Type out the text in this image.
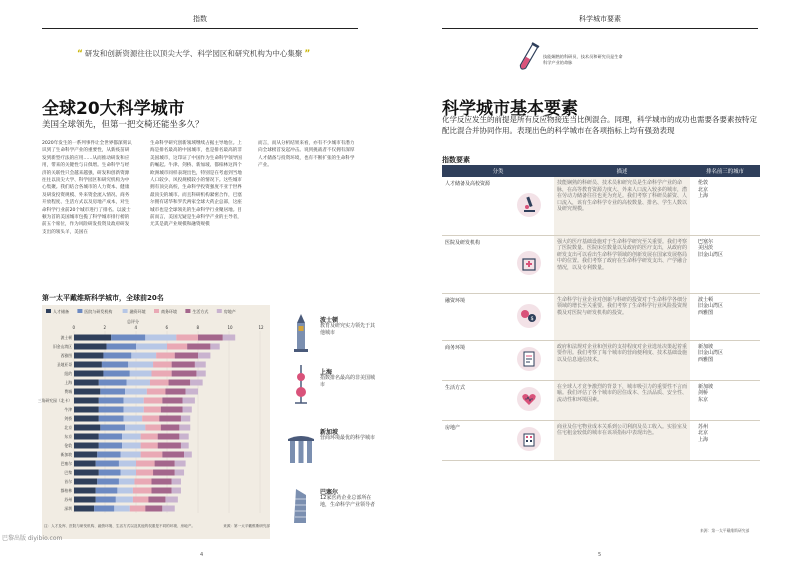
指数
“ 研发和创新资源往往以顶尖大学、科学园区和研究机构为中心集聚 ”
全球20大科学城市
美国全球领先，但第一把交椅还能坐多久？
2020年发生的一系列事件让全世界都深刻认识到了生命科学产业的重要性，从新疫苗研发到新型疗法的应用……从而推动研发和应用，带来的关键性与日俱增。生命科学与经济的关联性只会越来越强，研发和创新资源往往以顶尖大学、科学园区和研究机构为中心集聚。我们结合各城市的人力资本、健康及研发投资规模、外来资金流入情况、商务开放程度、生活方式以及房地产成本，对生命科学行业前20个城市进行了排名。以波士顿为首的美国城市包揽了科学城市排行榜的前五个席位，作为风险研发投资及政府研发支出的领头羊，美国在
生命科学研究创新领域继续占据主导地位。上海是排名最高的中国城市，也是排名最高的非美国城市，这印证了中国作为生命科学领导国的崛起。牛津、剑桥、新加坡、都柏林这四个欧洲城市同样表现出色，特别是在考虑到当地人口较少、风投规模较小的情况下。这些城市拥有顶尖高校，生命科学投资强度不亚于世界最顶尖的城市。而且科研机构紧密合作，巴塞尔拥有诺华和罗氏两家全球大药企总部，这座城市也是全球领先的生命科学行业聚居地。目前而言，美国无疑是生命科学产业的主导者，尤其是就产业规模和融资规模
而言，而从分析结果来看，亦有不少城市有潜力向全球榜首发起冲击。说到挑战者不仅拥有深厚人才储备与投资环境，也有不断扩张的生命科学产业。
第一太平戴维斯科学城市，全球前20名
人才储备	医院与研发机构	融资环境	商务环境	生活方式	房地产
总评分
0	2	4	6	8	10	12
波士顿
旧金山湾区
西雅图
圣地亚哥
纽约
上海
费城
三角研究园（北卡）
牛津
剑桥
北京
东京
伦敦
新加坡
巴塞尔
巴黎
首尔
都柏林
苏州
深圳
注：人才及库、医院与研发机构、融资环境、生活方式以及其他的权重是不同的环境、房地产。	来源：第一太平戴维斯研究部
波士顿
教育及研究实力领先于其他城市
上海
指数排名最高的非美国城市
新加坡
营商环境最优的科学城市
巴塞尔
12家医药企业总部所在地，生命科学产业领导者
巴黎出版 diyibio.com
4
科学城市要素
技能娴熟的科研员、技术员和研究员是生命科学产业的命脉
科学城市基本要素
化学反应发生的前提是所有反应物接连当比例混合。同理，科学城市的成功也需要各要素按特定配比混合并协同作用。表现出色的科学城市在各项指标上均有强劲表现
指数要素
分类		描述	排名前三的城市
人才储备及高校资源		技能娴熟的科研员、技术员和研究员是生命科学产业的命脉，在高等教育资源力度大、外来人口流入较多的城市，潜在劳动力储备往往也更为充足。我们考察了科研员薪资、人口流入，该有生命科学专业的高校数量、排名、学生人数以及研究规模。	伦敦
北京
上海
医院及研发机构		强大的医疗基础设施对于生命科学研究至关重要。我们考察了医院数量、医院床位数量以及政府的医疗支出，从政府的研发支出可以看出生命科学领域的创新发展在国家发展格局中的位置。我们考察了政府在生命科学研发支出、产学融合情况，以及专利数量。	巴塞尔
美因茨
旧金山湾区
融资环境	$	生命科学行业企业对创新与科研的投资对于生命科学各细分领域的增长至关重要。我们考察了生命科学行业风险投资规模及对医院与研发机构的投资。	波士顿
旧金山湾区
西雅图
商务环境		政府和法规对企业和创业的支持程度对企业选址决策起着重要作用。我们考察了每个城市的营商便利度、技术基础设施以及信息通信技术。	新加坡
旧金山湾区
西雅图
生活方式		在全球人才竞争激烈的背景下，城市吸引力的重要性不言而喻。我们评估了各个城市的居住成本、生活品质、安全性、流动性和环境因素。	新加坡
剑桥
东京
房地产		商业及住宅物业成本关系到公司利润及员工收入。实验室及住宅租金较低的城市在该项指标中表现出色。	苏州
北京
上海
来源：第一太平戴维斯研究部
5
